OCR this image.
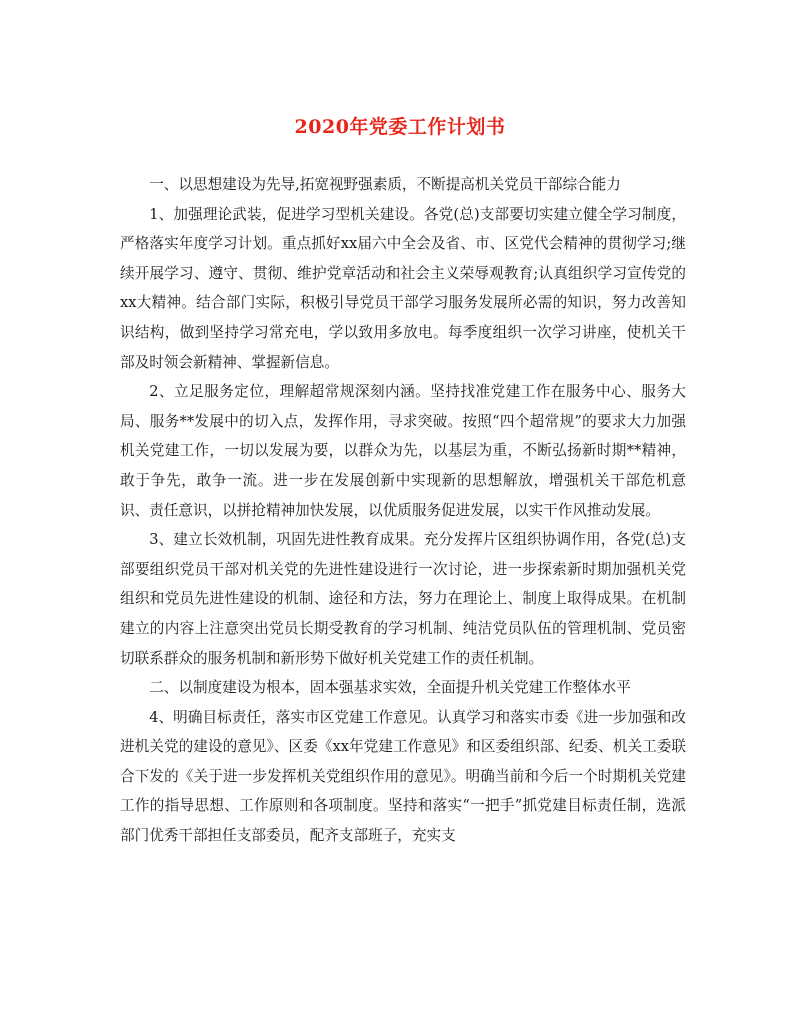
2020年党委工作计划书

一、以思想建设为先导,拓宽视野强素质，不断提高机关党员干部综合能力

1、加强理论武装，促进学习型机关建设。各党(总)支部要切实建立健全学习制度，严格落实年度学习计划。重点抓好xx届六中全会及省、市、区党代会精神的贯彻学习;继续开展学习、遵守、贯彻、维护党章活动和社会主义荣辱观教育;认真组织学习宣传党的xx大精神。结合部门实际，积极引导党员干部学习服务发展所必需的知识，努力改善知识结构，做到坚持学习常充电，学以致用多放电。每季度组织一次学习讲座，使机关干部及时领会新精神、掌握新信息。

2、立足服务定位，理解超常规深刻内涵。坚持找准党建工作在服务中心、服务大局、服务**发展中的切入点，发挥作用，寻求突破。按照“四个超常规”的要求大力加强机关党建工作，一切以发展为要，以群众为先，以基层为重，不断弘扬新时期**精神，敢于争先，敢争一流。进一步在发展创新中实现新的思想解放，增强机关干部危机意识、责任意识，以拼抢精神加快发展，以优质服务促进发展，以实干作风推动发展。

3、建立长效机制，巩固先进性教育成果。充分发挥片区组织协调作用，各党(总)支部要组织党员干部对机关党的先进性建设进行一次讨论，进一步探索新时期加强机关党组织和党员先进性建设的机制、途径和方法，努力在理论上、制度上取得成果。在机制建立的内容上注意突出党员长期受教育的学习机制、纯洁党员队伍的管理机制、党员密切联系群众的服务机制和新形势下做好机关党建工作的责任机制。

二、以制度建设为根本，固本强基求实效，全面提升机关党建工作整体水平

4、明确目标责任，落实市区党建工作意见。认真学习和落实市委《进一步加强和改进机关党的建设的意见》、区委《xx年党建工作意见》和区委组织部、纪委、机关工委联合下发的《关于进一步发挥机关党组织作用的意见》。明确当前和今后一个时期机关党建工作的指导思想、工作原则和各项制度。坚持和落实“一把手”抓党建目标责任制，选派部门优秀干部担任支部委员，配齐支部班子，充实支
